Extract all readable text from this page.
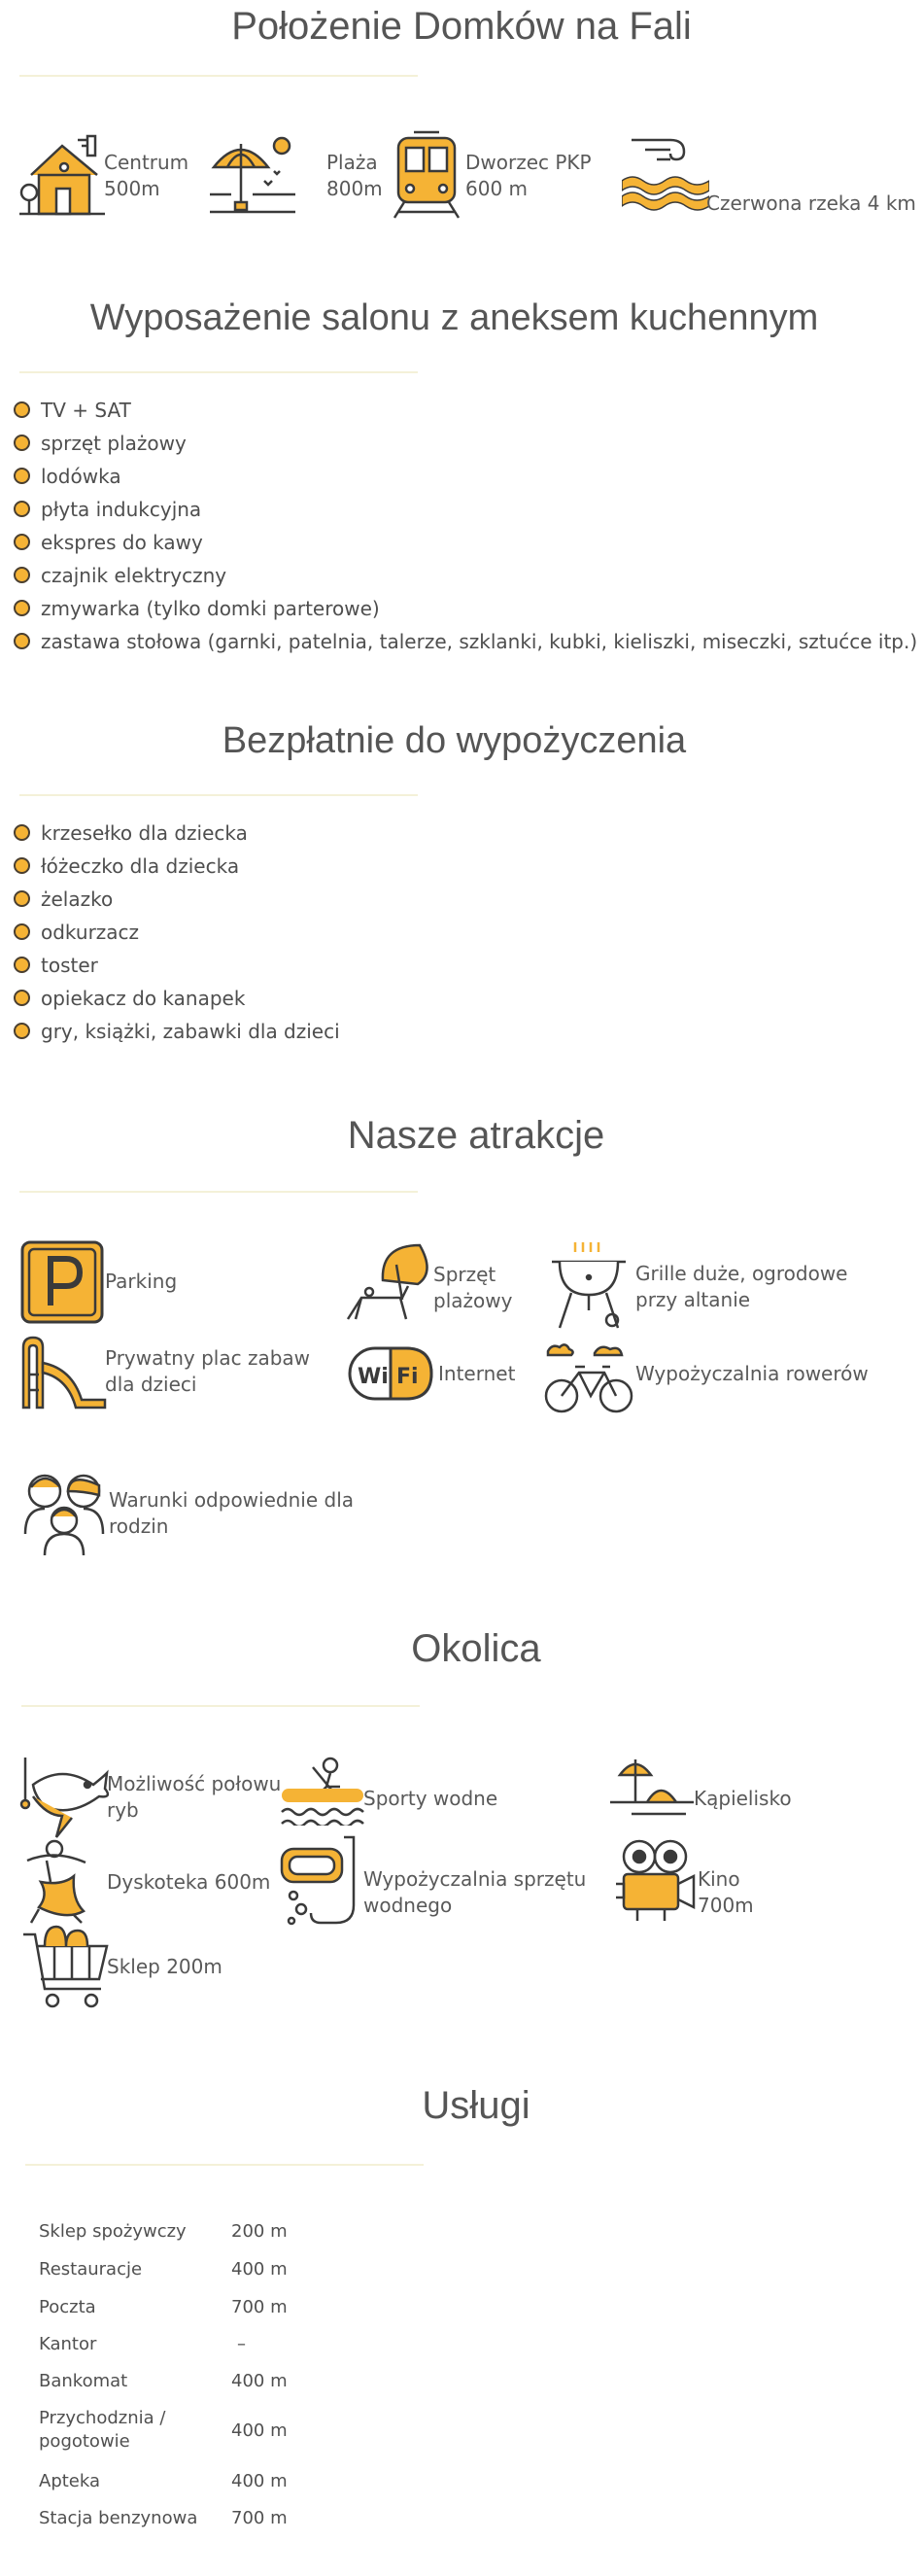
Położenie Domków na Fali
Centrum
500m
Plaża
800m
Dworzec PKP
600 m
Czerwona rzeka 4 km
Wyposażenie salonu z aneksem kuchennym
TV + SAT
sprzęt plażowy
lodówka
płyta indukcyjna
ekspres do kawy
czajnik elektryczny
zmywarka (tylko domki parterowe)
zastawa stołowa (garnki, patelnia, talerze, szklanki, kubki, kieliszki, miseczki, sztućce itp.)
Bezpłatnie do wypożyczenia
krzesełko dla dziecka
łóżeczko dla dziecka
żelazko
odkurzacz
toster
opiekacz do kanapek
gry, książki, zabawki dla dzieci
Nasze atrakcje
Parking	Sprzęt
plażowy
Grille duże, ogrodowe
przy altanie
Prywatny plac zabaw
dla dzieci	Wi Fi Internet	Wypożyczalnia rowerów
Warunki odpowiednie dla
rodzin
Okolica
Możliwość połowu
ryb	Sporty wodne	Kąpielisko
Dyskoteka 600m	Wypożyczalnia sprzętu
wodnego
Kino
700m
Sklep 200m
Usługi
Sklep spożywczy	200 m
Restauracje	400 m
Poczta	700 m
Kantor	–
Bankomat	400 m
Przychodznia /
pogotowie
400 m
Apteka	400 m
Stacja benzynowa 700 m
